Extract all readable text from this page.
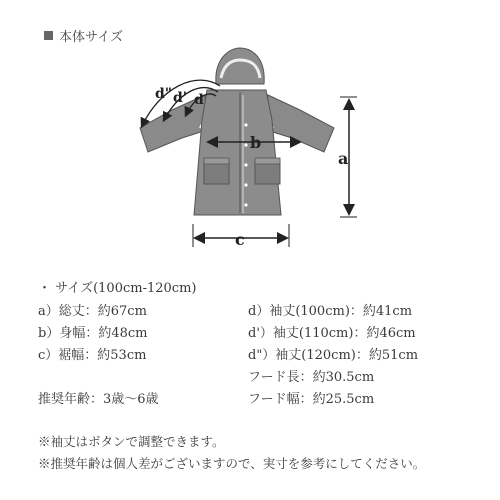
本体サイズ
a
b
c
d
d'
d"
・ サイズ(100cm-120cm)
a）総丈：約67cm
b）身幅：約48cm
c）裾幅：約53cm
d）袖丈(100cm)：約41cm
d'）袖丈(110cm)：約46cm
d"）袖丈(120cm)：約51cm
フード長：約30.5cm
フード幅：約25.5cm
推奨年齢：3歳～6歳
※袖丈はボタンで調整できます。
※推奨年齢は個人差がございますので、実寸を参考にしてください。
